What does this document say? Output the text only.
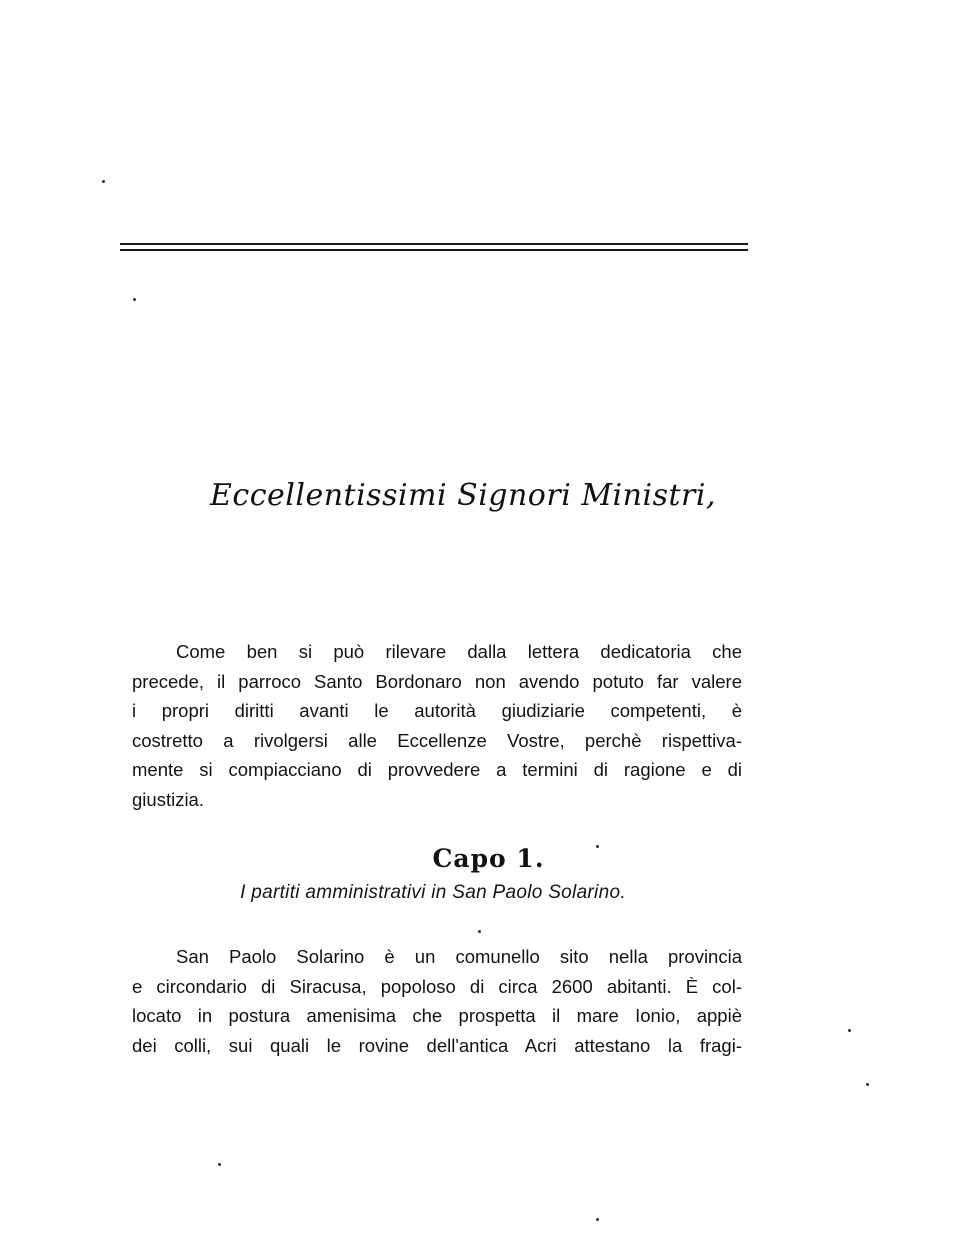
Eccellentissimi Signori Ministri,
Come ben si può rilevare dalla lettera dedicatoria che
precede, il parroco Santo Bordonaro non avendo potuto far valere
i propri diritti avanti le autorità giudiziarie competenti, è
costretto a rivolgersi alle Eccellenze Vostre, perchè rispettiva-
mente si compiacciano di provvedere a termini di ragione e di
giustizia.
Capo 1.
I partiti amministrativi in San Paolo Solarino.
San Paolo Solarino è un comunello sito nella provincia
e circondario di Siracusa, popoloso di circa 2600 abitanti. È col-
locato in postura amenisima che prospetta il mare Ionio, appiè
dei colli, sui quali le rovine dell'antica Acri attestano la fragi-
